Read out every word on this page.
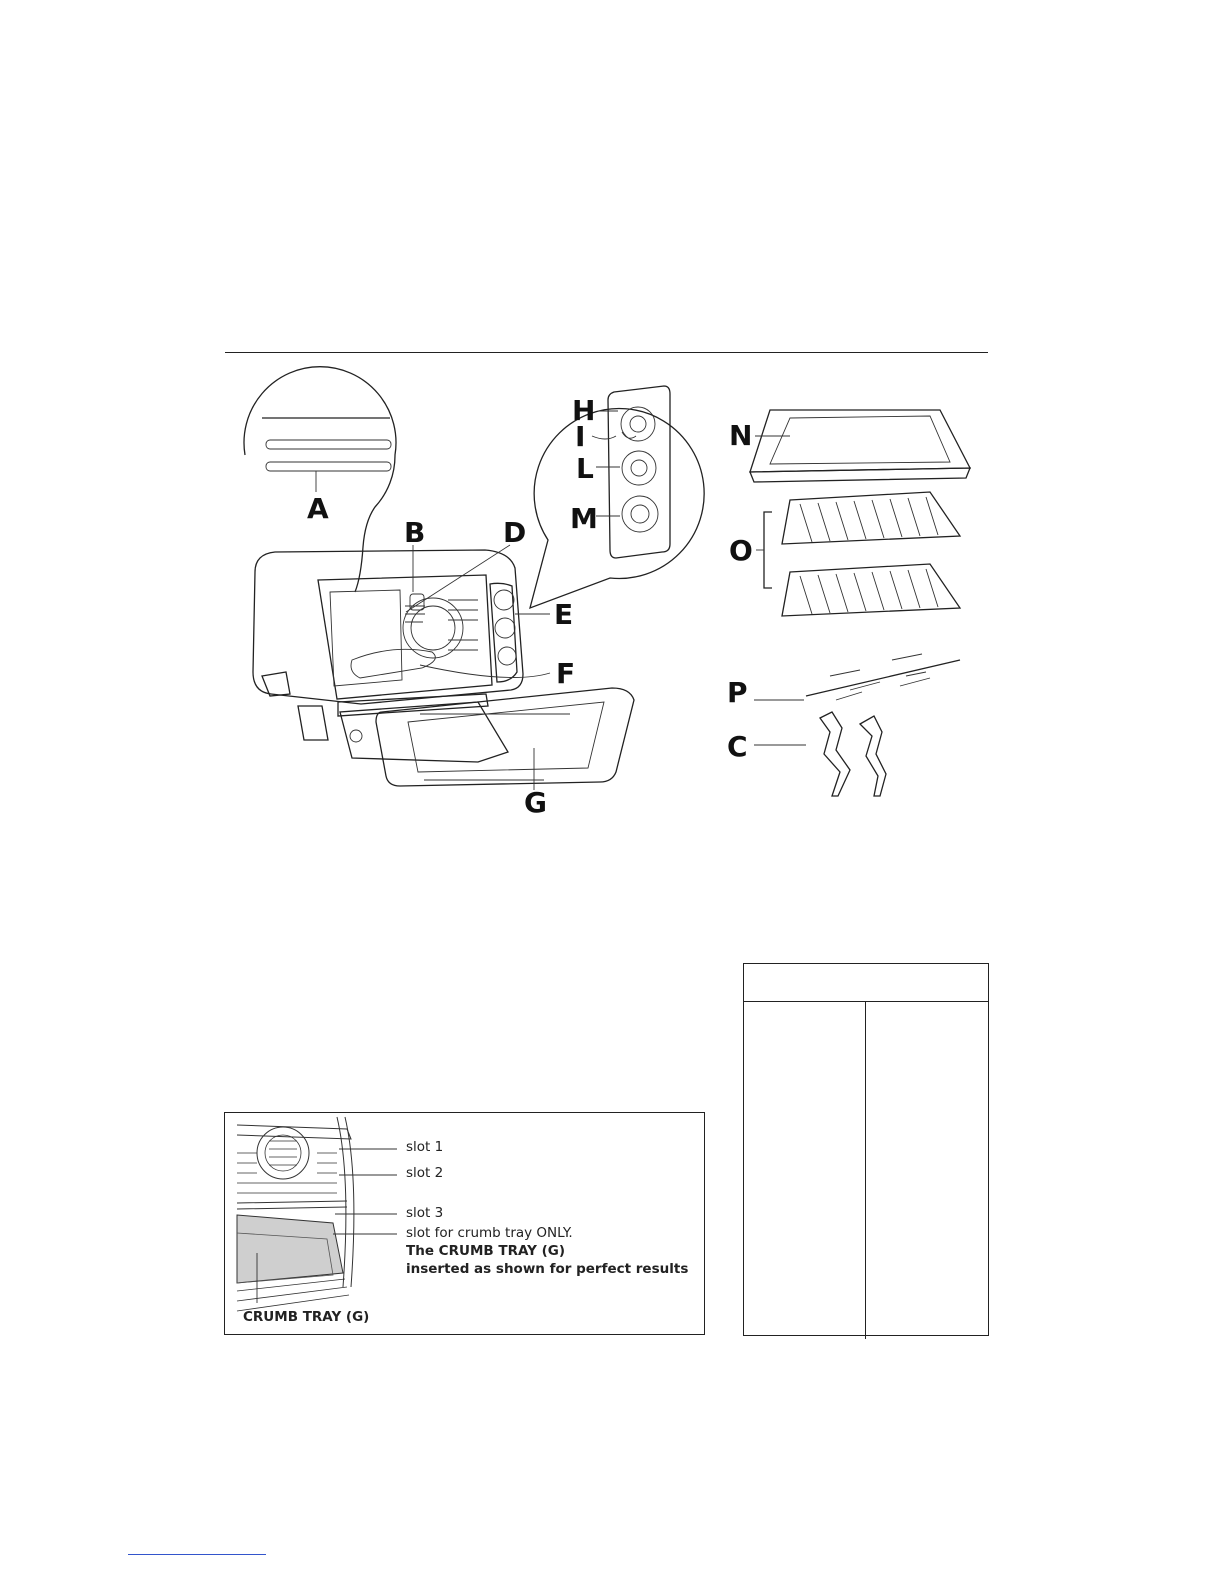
A
B	D
E
F
G
H
I
L
M
N
O
P
C
slot 1
slot 2
slot 3
slot for crumb tray ONLY.
The CRUMB TRAY (G)
inserted as shown for perfect results
CRUMB TRAY (G)
